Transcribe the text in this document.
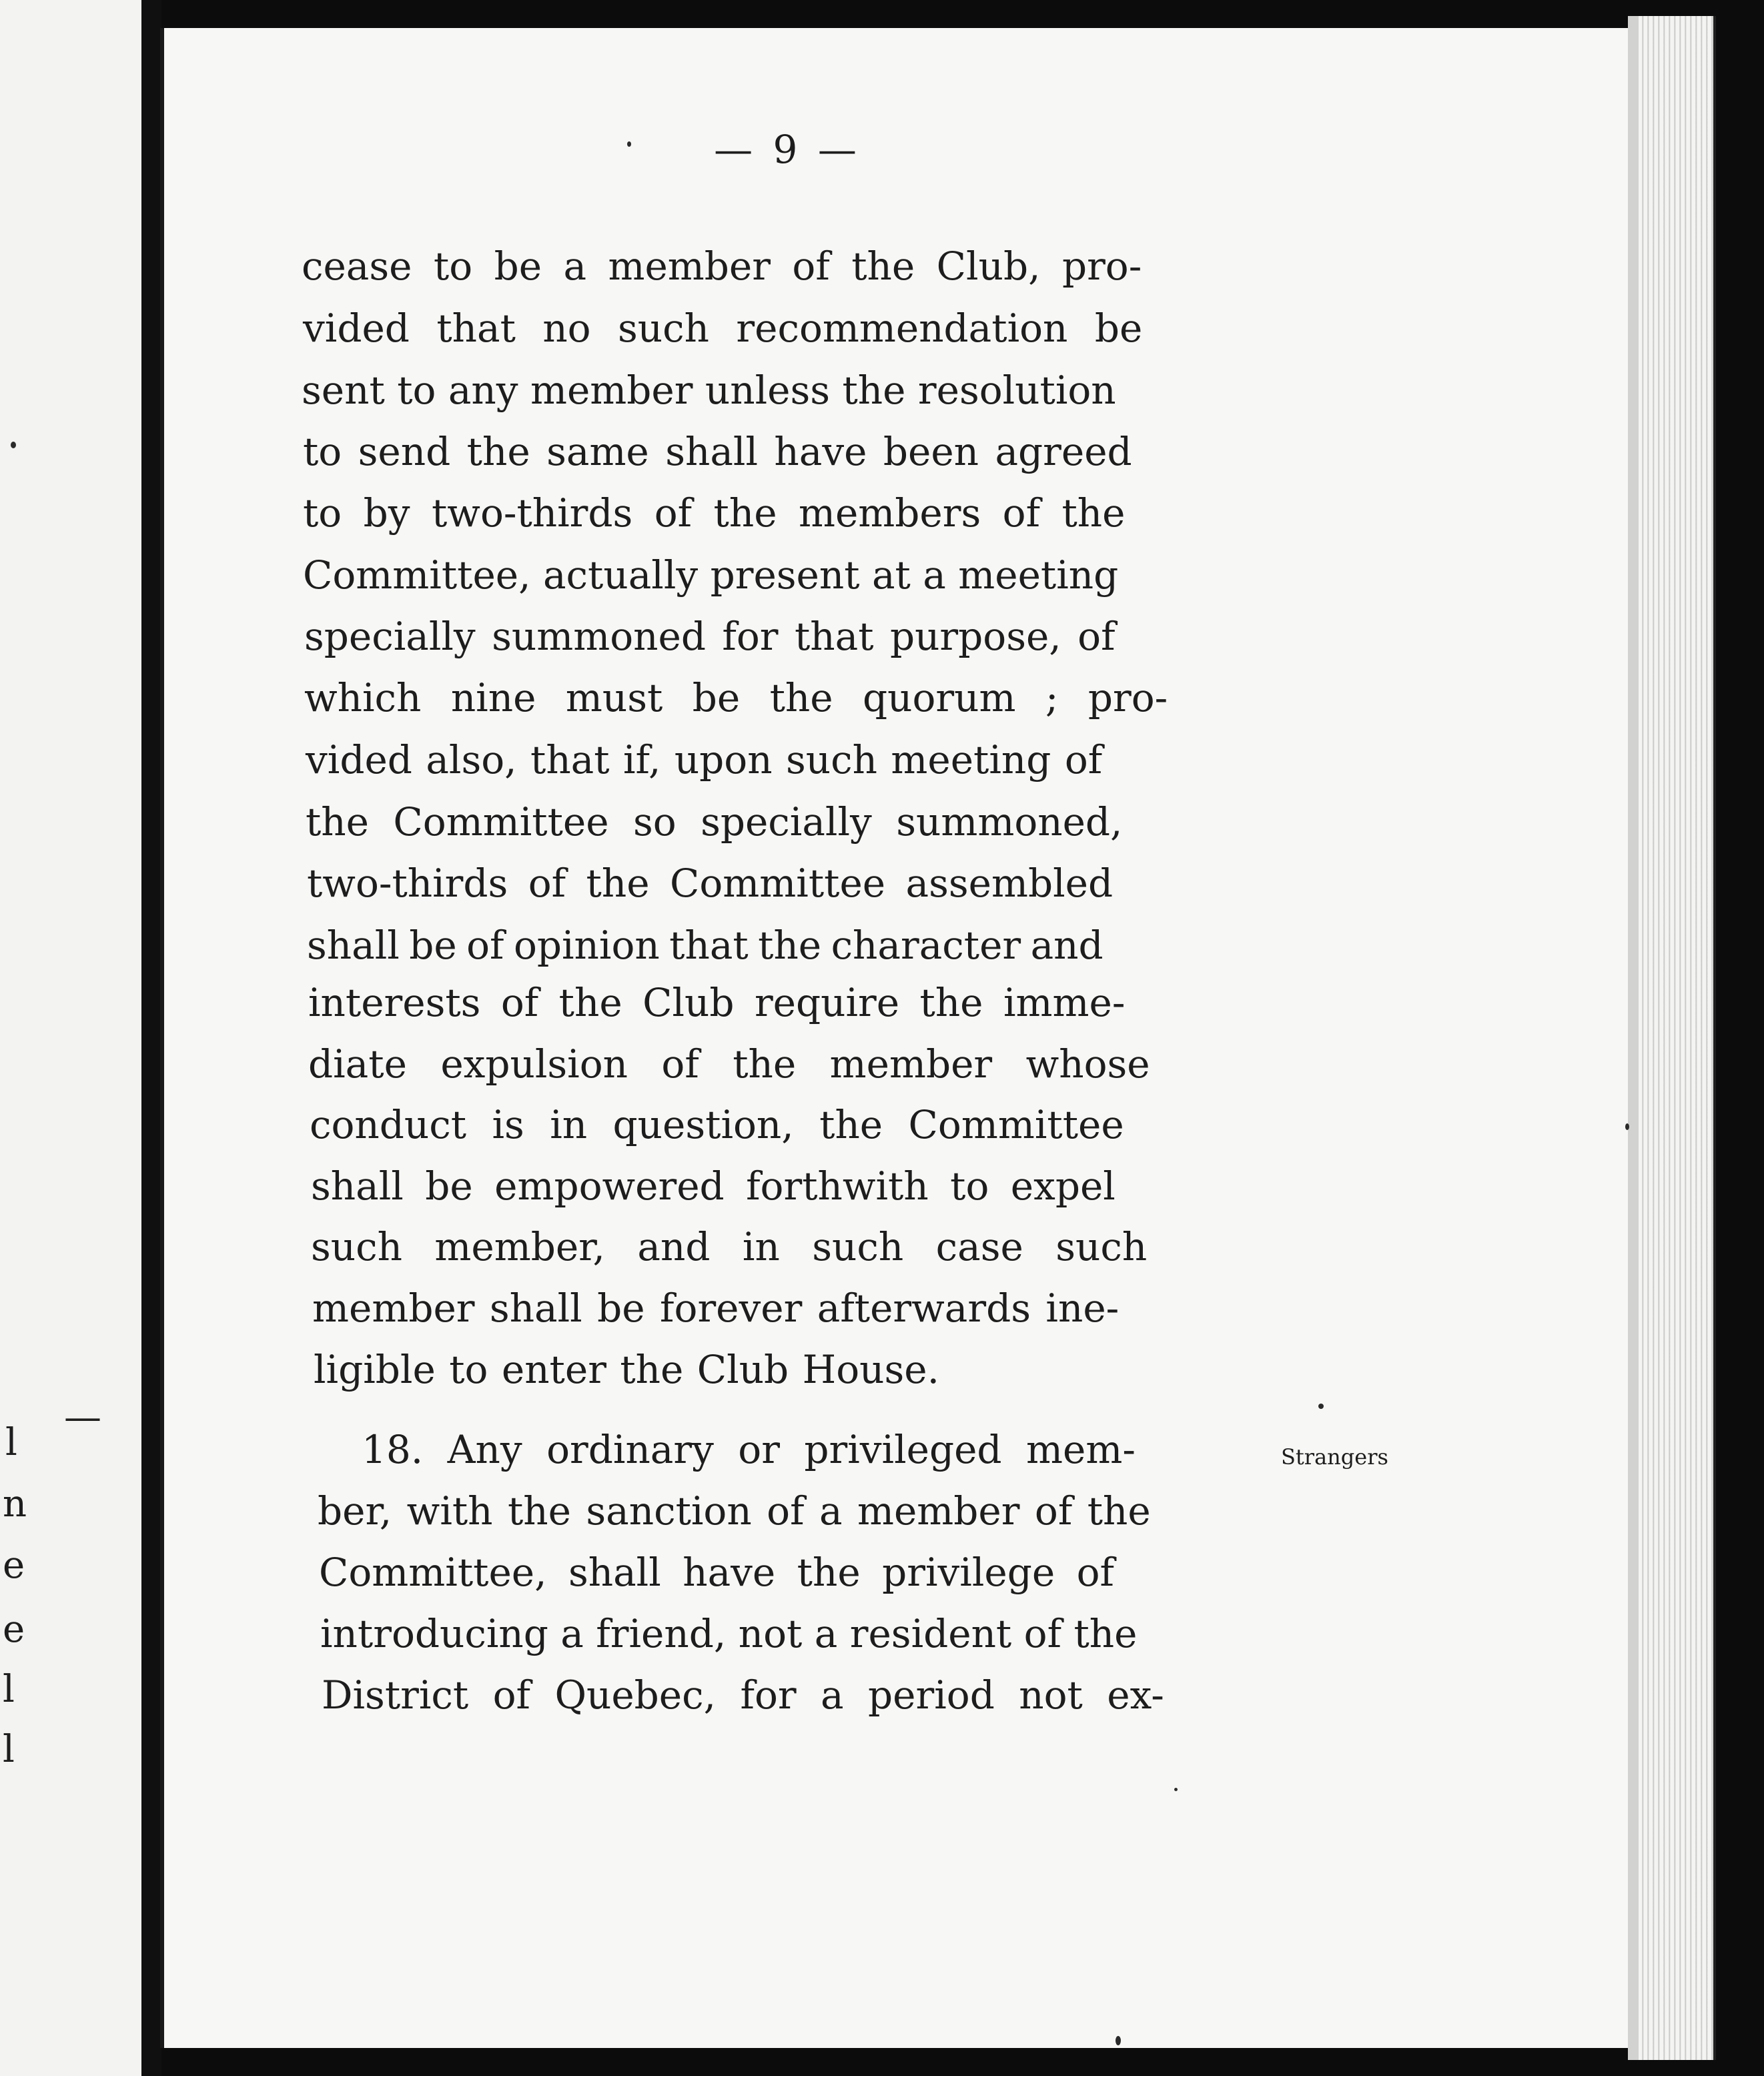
—
l
n
e
e
l
l
— 9 —
cease to be a member of the Club, pro-
vided that no such recommendation be
sent to any member unless the resolution
to send the same shall have been agreed
to by two-thirds of the members of the
Committee, actually present at a meeting
specially summoned for that purpose, of
which nine must be the quorum ; pro-
vided also, that if, upon such meeting of
the Committee so specially summoned,
two-thirds of the Committee assembled
shall be of opinion that the character and
interests of the Club require the imme-
diate expulsion of the member whose
conduct is in question, the Committee
shall be empowered forthwith to expel
such member, and in such case such
member shall be forever afterwards ine-
ligible to enter the Club House.
18. Any ordinary or privileged mem-
ber, with the sanction of a member of the
Committee, shall have the privilege of
introducing a friend, not a resident of the
District of Quebec, for a period not ex-
Strangers
